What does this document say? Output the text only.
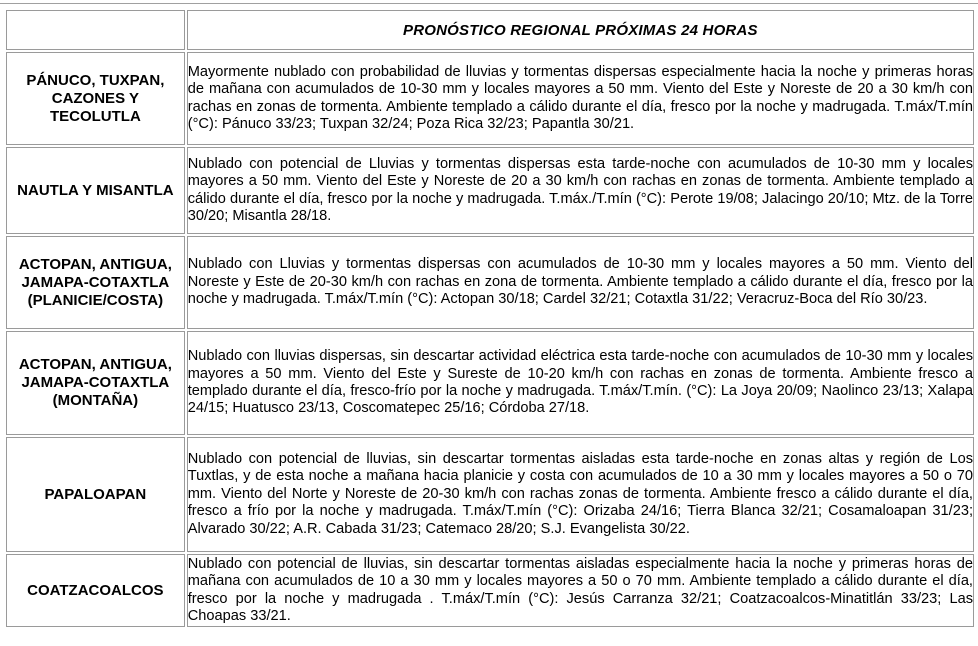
	PRONÓSTICO REGIONAL PRÓXIMAS 24 HORAS
PÁNUCO, TUXPAN, CAZONES Y TECOLUTLA	Mayormente nublado con probabilidad de lluvias y tormentas dispersas especialmente hacia la noche y primeras horas de mañana con acumulados de 10-30 mm y locales mayores a 50 mm. Viento del Este y Noreste de 20 a 30 km/h con rachas en zonas de tormenta. Ambiente templado a cálido durante el día, fresco por la noche y madrugada. T.máx/T.mín (°C): Pánuco 33/23; Tuxpan 32/24; Poza Rica 32/23; Papantla 30/21.
NAUTLA Y MISANTLA	Nublado con potencial de Lluvias y tormentas dispersas esta tarde-noche con acumulados de 10-30 mm y locales mayores a 50 mm. Viento del Este y Noreste de 20 a 30 km/h con rachas en zonas de tormenta. Ambiente templado a cálido durante el día, fresco por la noche y madrugada. T.máx./T.mín (°C): Perote 19/08; Jalacingo 20/10; Mtz. de la Torre 30/20; Misantla 28/18.
ACTOPAN, ANTIGUA, JAMAPA-COTAXTLA (PLANICIE/COSTA)	Nublado con Lluvias y tormentas dispersas con acumulados de 10-30 mm y locales mayores a 50 mm. Viento del Noreste y Este de 20-30 km/h con rachas en zona de tormenta. Ambiente templado a cálido durante el día, fresco por la noche y madrugada. T.máx/T.mín (°C): Actopan 30/18; Cardel 32/21; Cotaxtla 31/22; Veracruz-Boca del Río 30/23.
ACTOPAN, ANTIGUA, JAMAPA-COTAXTLA (MONTAÑA)	Nublado con lluvias dispersas, sin descartar actividad eléctrica esta tarde-noche con acumulados de 10-30 mm y locales mayores a 50 mm. Viento del Este y Sureste de 10-20 km/h con rachas en zonas de tormenta. Ambiente fresco a templado durante el día, fresco-frío por la noche y madrugada. T.máx/T.mín. (°C): La Joya 20/09; Naolinco 23/13; Xalapa 24/15; Huatusco 23/13, Coscomatepec 25/16; Córdoba 27/18.
PAPALOAPAN	Nublado con potencial de lluvias, sin descartar tormentas aisladas esta tarde-noche en zonas altas y región de Los Tuxtlas, y de esta noche a mañana hacia planicie y costa con acumulados de 10 a 30 mm y locales mayores a 50 o 70 mm. Viento del Norte y Noreste de 20-30 km/h con rachas zonas de tormenta. Ambiente fresco a cálido durante el día, fresco a frío por la noche y madrugada. T.máx/T.mín (°C): Orizaba 24/16; Tierra Blanca 32/21; Cosamaloapan 31/23; Alvarado 30/22; A.R. Cabada 31/23; Catemaco 28/20; S.J. Evangelista 30/22.
COATZACOALCOS	Nublado con potencial de lluvias, sin descartar tormentas aisladas especialmente hacia la noche y primeras horas de mañana con acumulados de 10 a 30 mm y locales mayores a 50 o 70 mm. Ambiente templado a cálido durante el día, fresco por la noche y madrugada . T.máx/T.mín (°C): Jesús Carranza 32/21; Coatzacoalcos-Minatitlán 33/23; Las Choapas 33/21.
